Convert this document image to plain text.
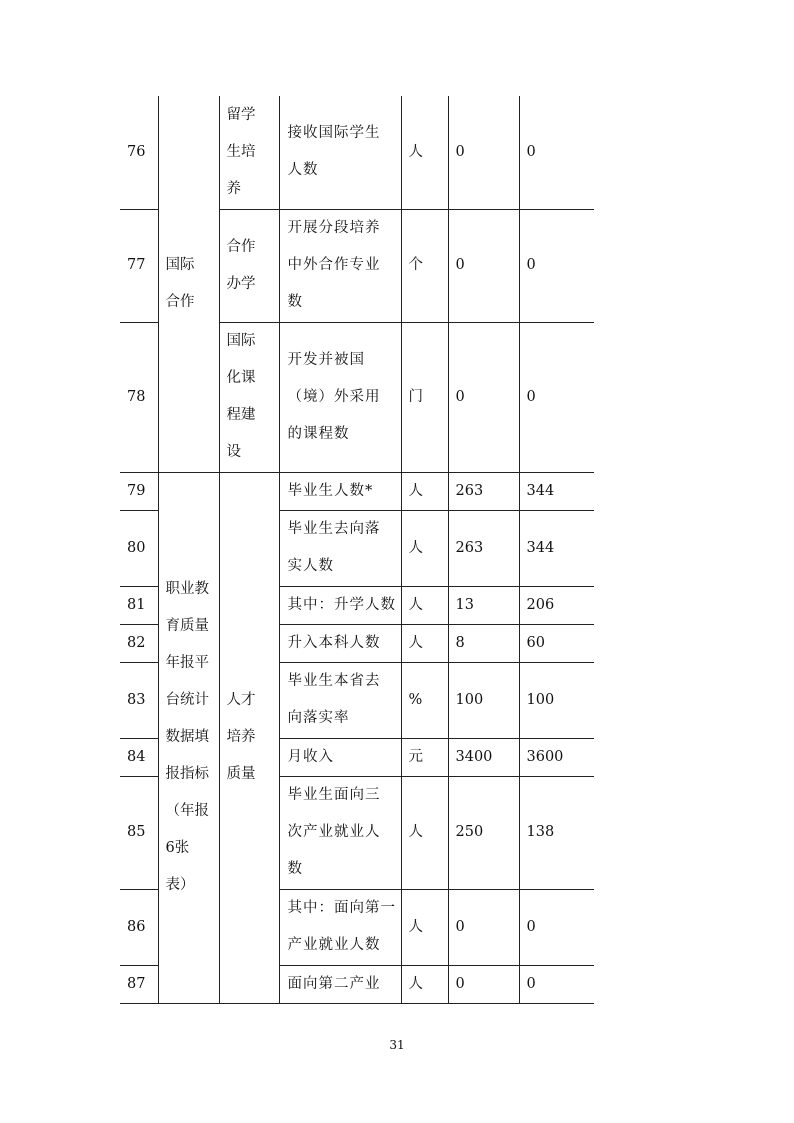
76	国际合作	留学生培养	接收国际学生人数	人	0	0
77		合作办学	开展分段培养中外合作专业数	个	0	0
78		国际化课程建设	开发并被国（境）外采用的课程数	门	0	0
79	职业教育质量年报平台统计数据填报指标（年报6张表）	人才培养质量	毕业生人数*	人	263	344
80			毕业生去向落实人数	人	263	344
81			其中：升学人数	人	13	206
82			升入本科人数	人	8	60
83			毕业生本省去向落实率	%	100	100
84			月收入	元	3400	3600
85			毕业生面向三次产业就业人数	人	250	138
86			其中：面向第一产业就业人数	人	0	0
87			面向第二产业	人	0	0
31
